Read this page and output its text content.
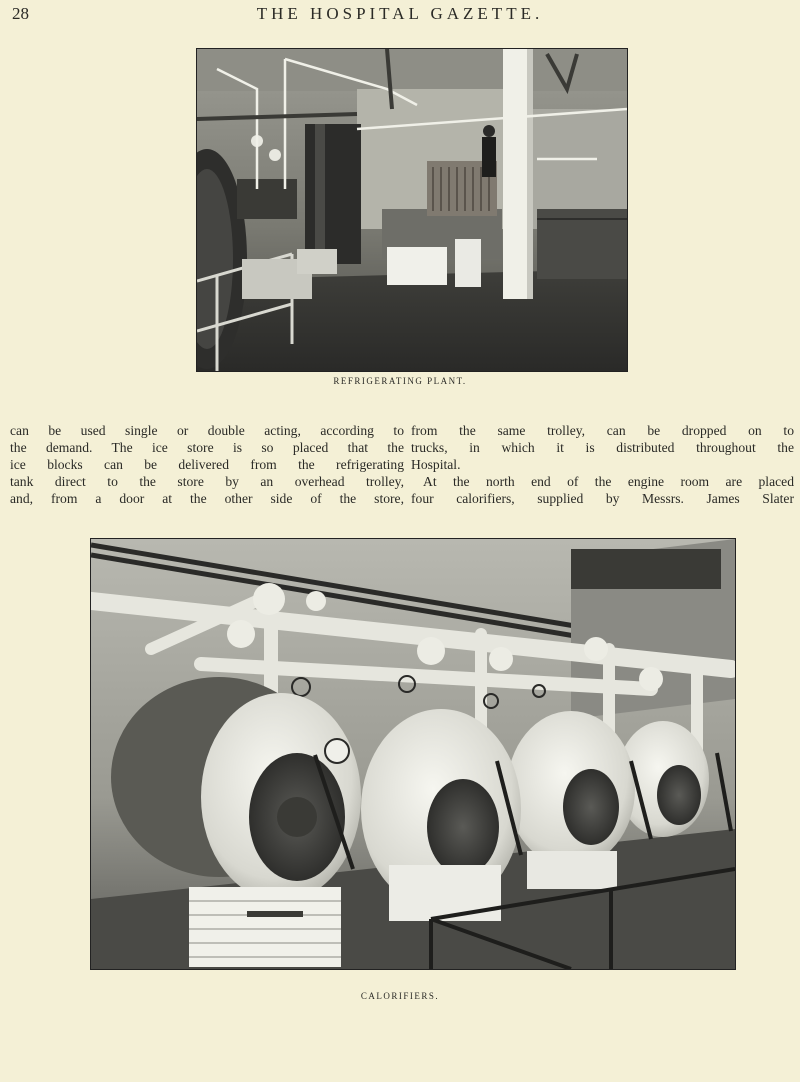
28	THE HOSPITAL GAZETTE.
REFRIGERATING PLANT.
can be used single or double acting, according to
the demand. The ice store is so placed that the
ice blocks can be delivered from the refrigerating
tank direct to the store by an overhead trolley,
and, from a door at the other side of the store,
from the same trolley, can be dropped on to
trucks, in which it is distributed throughout the
Hospital.
At the north end of the engine room are placed
four calorifiers, supplied by Messrs. James Slater
CALORIFIERS.
